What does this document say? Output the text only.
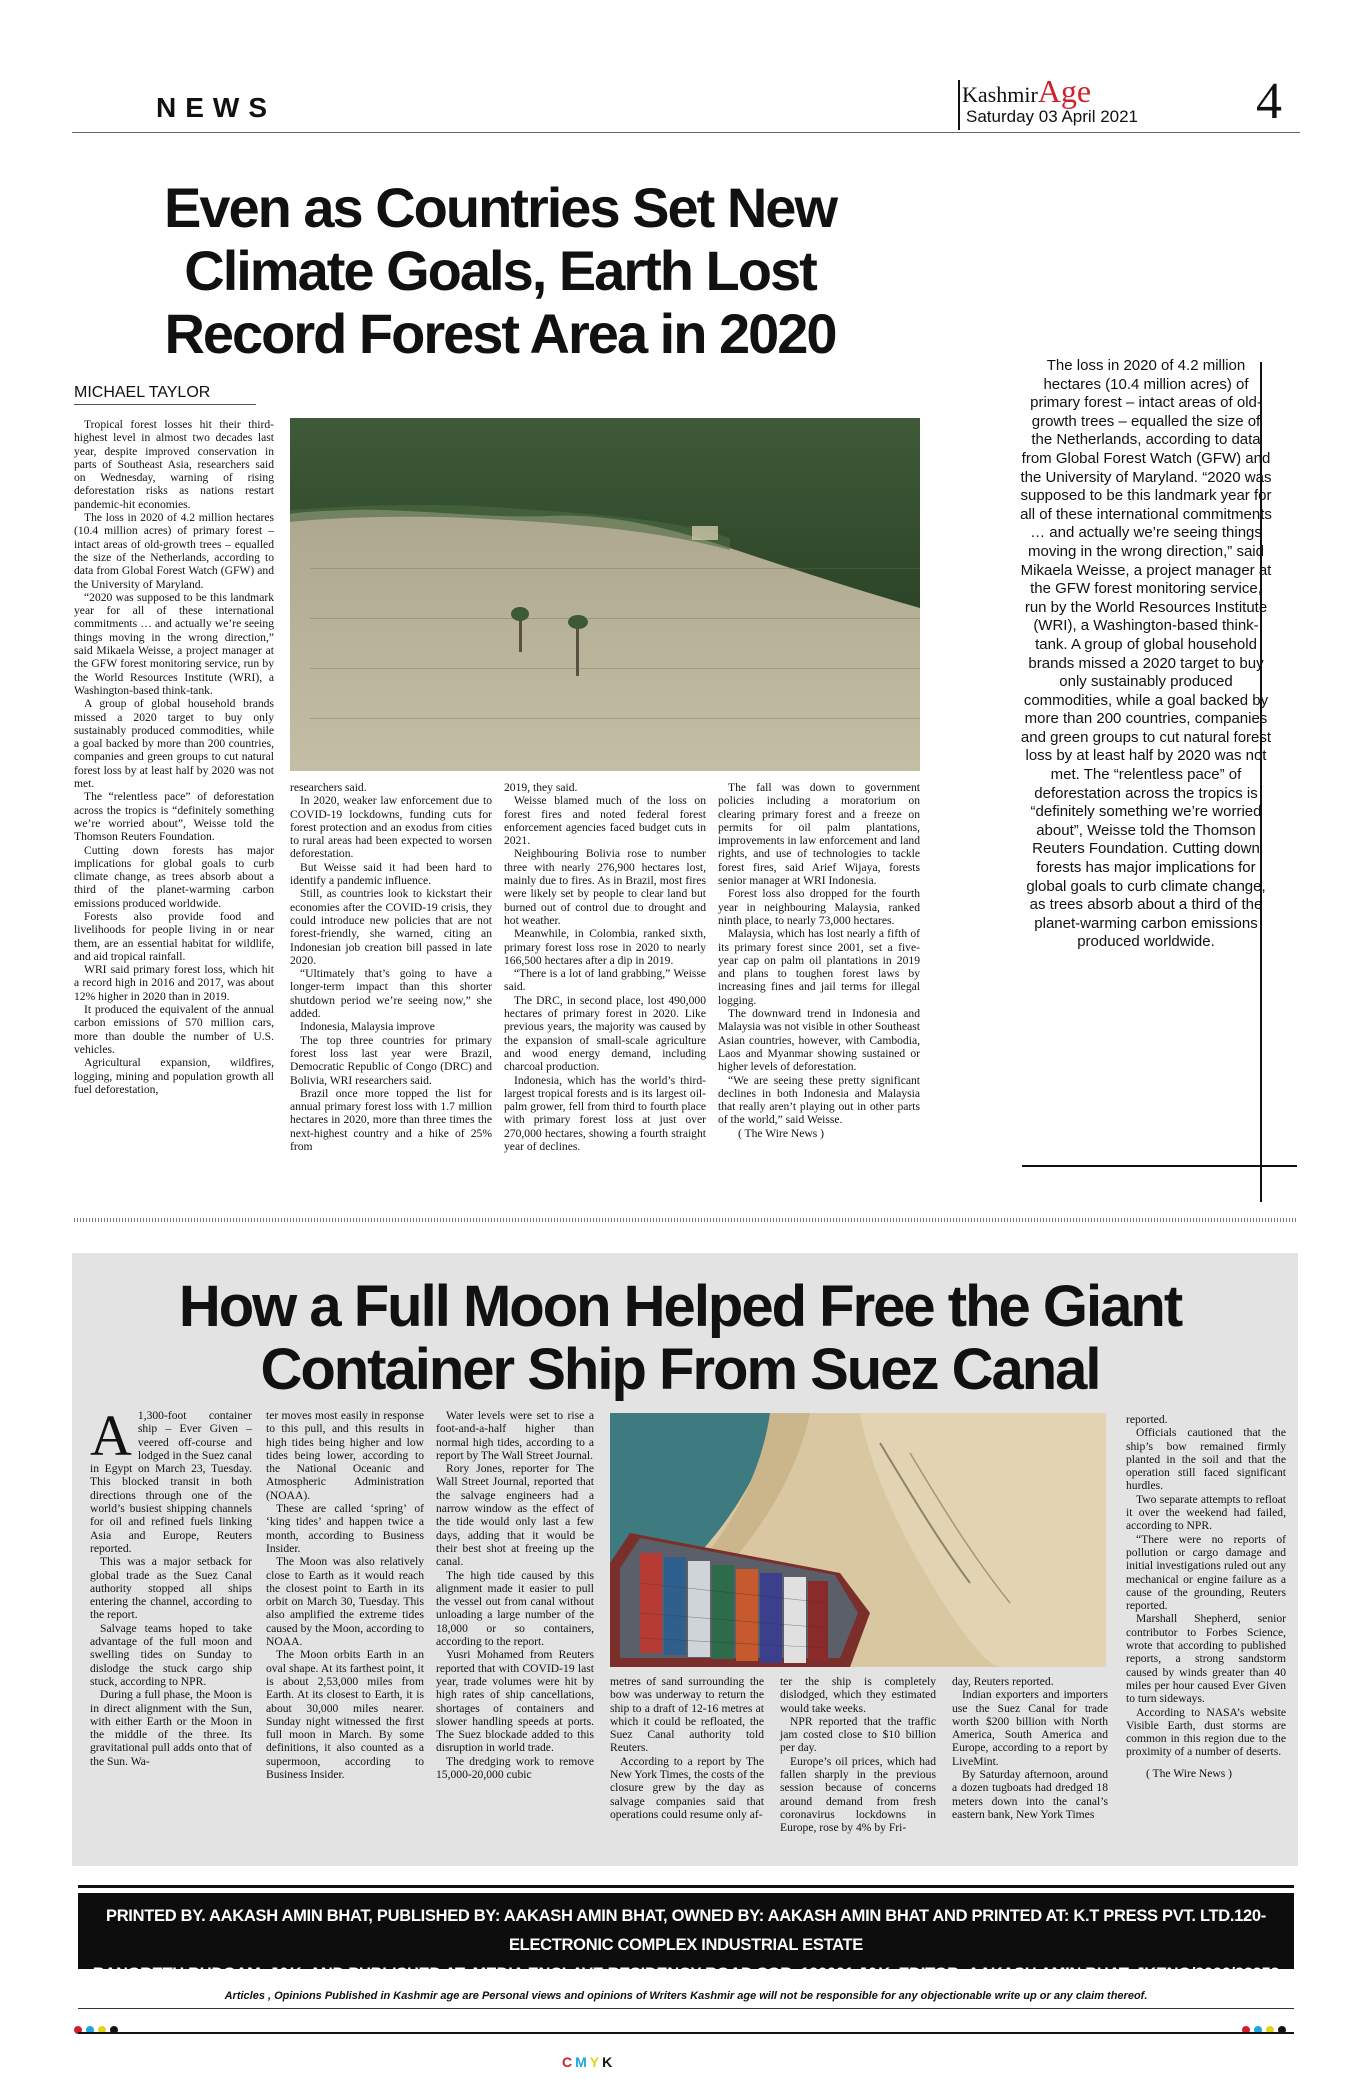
NEWS	KashmirAge
Saturday 03 April 2021 4
Even as Countries Set New Climate Goals, Earth Lost Record Forest Area in 2020
MICHAEL TAYLOR

Tropical forest losses hit their third-highest level in almost two decades last year, despite improved conservation in parts of Southeast Asia, researchers said on Wednesday, warning of rising deforestation risks as nations restart pandemic-hit economies.

The loss in 2020 of 4.2 million hectares (10.4 million acres) of primary forest – intact areas of old-growth trees – equalled the size of the Netherlands, according to data from Global Forest Watch (GFW) and the University of Maryland.

“2020 was supposed to be this landmark year for all of these international commitments … and actually we’re seeing things moving in the wrong direction,” said Mikaela Weisse, a project manager at the GFW forest monitoring service, run by the World Resources Institute (WRI), a Washington-based think-tank.

A group of global household brands missed a 2020 target to buy only sustainably produced commodities, while a goal backed by more than 200 countries, companies and green groups to cut natural forest loss by at least half by 2020 was not met.

The “relentless pace” of deforestation across the tropics is “definitely something we’re worried about”, Weisse told the Thomson Reuters Foundation.

Cutting down forests has major implications for global goals to curb climate change, as trees absorb about a third of the planet-warming carbon emissions produced worldwide.

Forests also provide food and livelihoods for people living in or near them, are an essential habitat for wildlife, and aid tropical rainfall.

WRI said primary forest loss, which hit a record high in 2016 and 2017, was about 12% higher in 2020 than in 2019.

It produced the equivalent of the annual carbon emissions of 570 million cars, more than double the number of U.S. vehicles.

Agricultural expansion, wildfires, logging, mining and population growth all fuel deforestation,

researchers said.

In 2020, weaker law enforcement due to COVID-19 lockdowns, funding cuts for forest protection and an exodus from cities to rural areas had been expected to worsen deforestation.

But Weisse said it had been hard to identify a pandemic influence.

Still, as countries look to kickstart their economies after the COVID-19 crisis, they could introduce new policies that are not forest-friendly, she warned, citing an Indonesian job creation bill passed in late 2020.

“Ultimately that’s going to have a longer-term impact than this shorter shutdown period we’re seeing now,” she added.

Indonesia, Malaysia improve

The top three countries for primary forest loss last year were Brazil, Democratic Republic of Congo (DRC) and Bolivia, WRI researchers said.

Brazil once more topped the list for annual primary forest loss with 1.7 million hectares in 2020, more than three times the next-highest country and a hike of 25% from

2019, they said.

Weisse blamed much of the loss on forest fires and noted federal forest enforcement agencies faced budget cuts in 2021.

Neighbouring Bolivia rose to number three with nearly 276,900 hectares lost, mainly due to fires. As in Brazil, most fires were likely set by people to clear land but burned out of control due to drought and hot weather.

Meanwhile, in Colombia, ranked sixth, primary forest loss rose in 2020 to nearly 166,500 hectares after a dip in 2019.

“There is a lot of land grabbing,” Weisse said.

The DRC, in second place, lost 490,000 hectares of primary forest in 2020. Like previous years, the majority was caused by the expansion of small-scale agriculture and wood energy demand, including charcoal production.

Indonesia, which has the world’s third-largest tropical forests and is its largest oil-palm grower, fell from third to fourth place with primary forest loss at just over 270,000 hectares, showing a fourth straight year of declines.

The fall was down to government policies including a moratorium on clearing primary forest and a freeze on permits for oil palm plantations, improvements in law enforcement and land rights, and use of technologies to tackle forest fires, said Arief Wijaya, forests senior manager at WRI Indonesia.

Forest loss also dropped for the fourth year in neighbouring Malaysia, ranked ninth place, to nearly 73,000 hectares.

Malaysia, which has lost nearly a fifth of its primary forest since 2001, set a five-year cap on palm oil plantations in 2019 and plans to toughen forest laws by increasing fines and jail terms for illegal logging.

The downward trend in Indonesia and Malaysia was not visible in other Southeast Asian countries, however, with Cambodia, Laos and Myanmar showing sustained or higher levels of deforestation.

“We are seeing these pretty significant declines in both Indonesia and Malaysia that really aren’t playing out in other parts of the world,” said Weisse.

( The Wire News )

The loss in 2020 of 4.2 million hectares (10.4 million acres) of primary forest – intact areas of old-growth trees – equalled the size of the Netherlands, according to data from Global Forest Watch (GFW) and the University of Maryland. “2020 was supposed to be this landmark year for all of these international commitments … and actually we’re seeing things moving in the wrong direction,” said Mikaela Weisse, a project manager at the GFW forest monitoring service, run by the World Resources Institute (WRI), a Washington-based think-tank. A group of global household brands missed a 2020 target to buy only sustainably produced commodities, while a goal backed by more than 200 countries, companies and green groups to cut natural forest loss by at least half by 2020 was not met. The “relentless pace” of deforestation across the tropics is “definitely something we’re worried about”, Weisse told the Thomson Reuters Foundation. Cutting down forests has major implications for global goals to curb climate change, as trees absorb about a third of the planet-warming carbon emissions produced worldwide.
How a Full Moon Helped Free the Giant Container Ship From Suez Canal
A 1,300-foot container ship – Ever Given – veered off-course and lodged in the Suez canal in Egypt on March 23, Tuesday. This blocked transit in both directions through one of the world’s busiest shipping channels for oil and refined fuels linking Asia and Europe, Reuters reported.

This was a major setback for global trade as the Suez Canal authority stopped all ships entering the channel, according to the report.

Salvage teams hoped to take advantage of the full moon and swelling tides on Sunday to dislodge the stuck cargo ship stuck, according to NPR.

During a full phase, the Moon is in direct alignment with the Sun, with either Earth or the Moon in the middle of the three. Its gravitational pull adds onto that of the Sun. Wa-

ter moves most easily in response to this pull, and this results in high tides being higher and low tides being lower, according to the National Oceanic and Atmospheric Administration (NOAA).

These are called ‘spring’ of ‘king tides’ and happen twice a month, according to Business Insider.

The Moon was also relatively close to Earth as it would reach the closest point to Earth in its orbit on March 30, Tuesday. This also amplified the extreme tides caused by the Moon, according to NOAA.

The Moon orbits Earth in an oval shape. At its farthest point, it is about 2,53,000 miles from Earth. At its closest to Earth, it is about 30,000 miles nearer. Sunday night witnessed the first full moon in March. By some definitions, it also counted as a supermoon, according to Business Insider.

Water levels were set to rise a foot-and-a-half higher than normal high tides, according to a report by The Wall Street Journal.

Rory Jones, reporter for The Wall Street Journal, reported that the salvage engineers had a narrow window as the effect of the tide would only last a few days, adding that it would be their best shot at freeing up the canal.

The high tide caused by this alignment made it easier to pull the vessel out from canal without unloading a large number of the 18,000 or so containers, according to the report.

Yusri Mohamed from Reuters reported that with COVID-19 last year, trade volumes were hit by high rates of ship cancellations, shortages of containers and slower handling speeds at ports. The Suez blockade added to this disruption in world trade.

The dredging work to remove 15,000-20,000 cubic

metres of sand surrounding the bow was underway to return the ship to a draft of 12-16 metres at which it could be refloated, the Suez Canal authority told Reuters.

According to a report by The New York Times, the costs of the closure grew by the day as salvage companies said that operations could resume only af-

ter the ship is completely dislodged, which they estimated would take weeks.

NPR reported that the traffic jam costed close to $10 billion per day.

Europe’s oil prices, which had fallen sharply in the previous session because of concerns around demand from fresh coronavirus lockdowns in Europe, rose by 4% by Fri-

day, Reuters reported.

Indian exporters and importers use the Suez Canal for trade worth $200 billion with North America, South America and Europe, according to a report by LiveMint.

By Saturday afternoon, around a dozen tugboats had dredged 18 meters down into the canal’s eastern bank, New York Times

reported.

Officials cautioned that the ship’s bow remained firmly planted in the soil and that the operation still faced significant hurdles.

Two separate attempts to refloat it over the weekend had failed, according to NPR.

“There were no reports of pollution or cargo damage and initial investigations ruled out any mechanical or engine failure as a cause of the grounding, Reuters reported.

Marshall Shepherd, senior contributor to Forbes Science, wrote that according to published reports, a strong sandstorm caused by winds greater than 40 miles per hour caused Ever Given to turn sideways.

According to NASA’s website Visible Earth, dust storms are common in this region due to the proximity of a number of deserts.

( The Wire News )

PRINTED BY. AAKASH AMIN BHAT, PUBLISHED BY: AAKASH AMIN BHAT, OWNED BY: AAKASH AMIN BHAT AND PRINTED AT: K.T PRESS PVT. LTD.120- ELECTRONIC COMPLEX INDUSTRIAL ESTATE
RANGRETH BUDGAM, J&K. AND PUBLISHED AT: MEDIA ENCLAVE RESIDENCY ROAD SGR. 190001 J&K. EDITOR: AAKASH AMIN BHAT, JKENG/2006/23952
Articles , Opinions Published in Kashmir age are Personal views and opinions of Writers Kashmir age will not be responsible for any objectionable write up or any claim thereof.
CMYK
